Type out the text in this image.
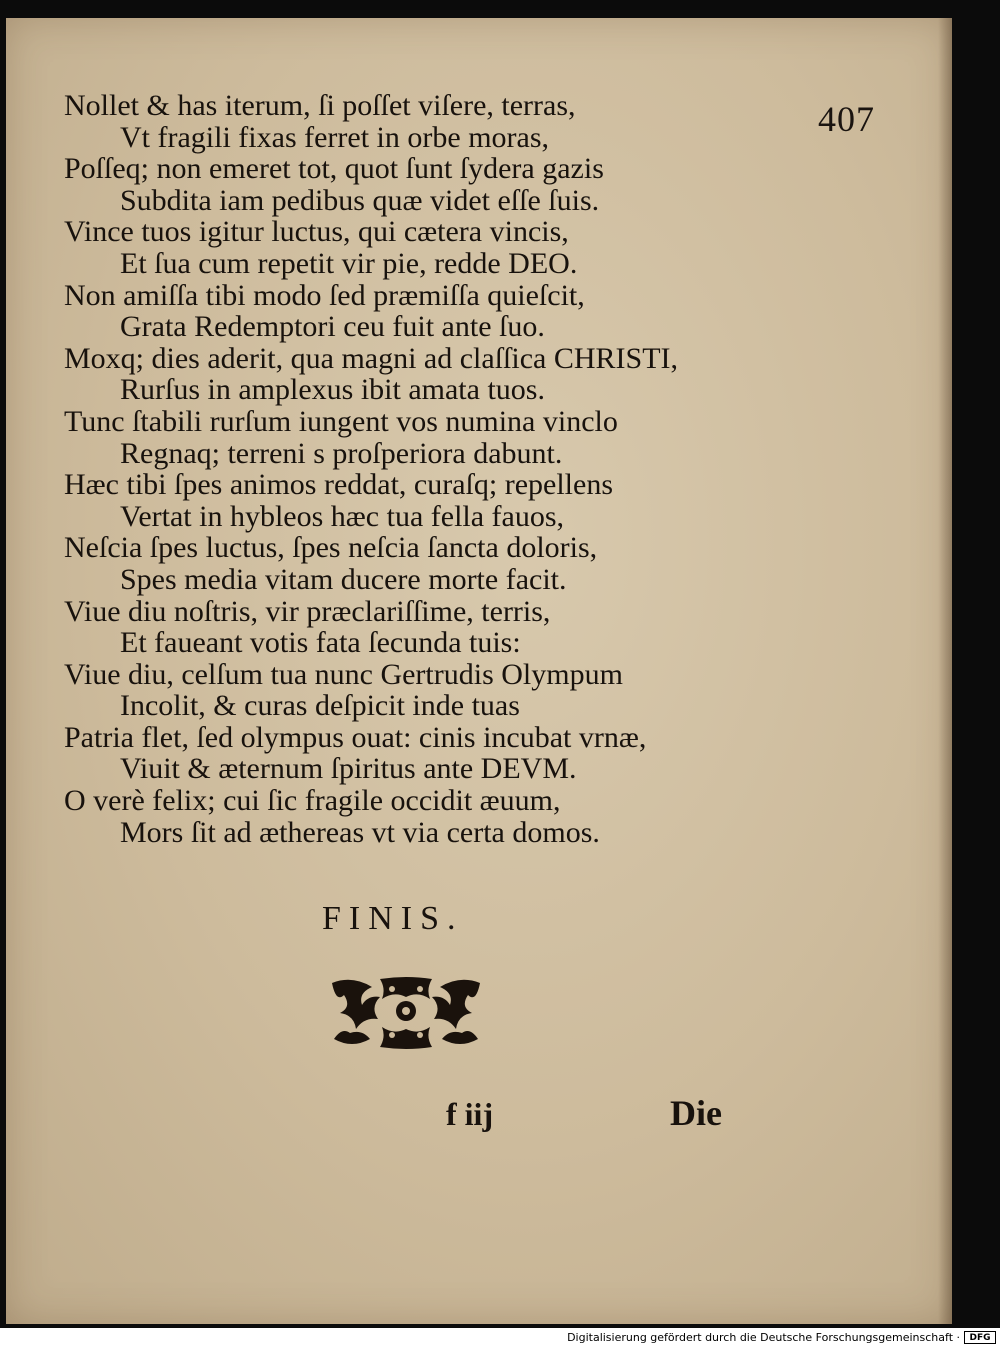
407
Nollet & has iterum, ſi poſſet viſere, terras,
Vt fragili fixas ferret in orbe moras,
Poſſeq; non emeret tot, quot ſunt ſydera gazis
Subdita iam pedibus quæ videt eſſe ſuis.
Vince tuos igitur luctus, qui cætera vincis,
Et ſua cum repetit vir pie, redde DEO.
Non amiſſa tibi modo ſed præmiſſa quieſcit,
Grata Redemptori ceu fuit ante ſuo.
Moxq; dies aderit, qua magni ad claſſica CHRISTI,
Rurſus in amplexus ibit amata tuos.
Tunc ſtabili rurſum iungent vos numina vinclo
Regnaq; terreni s proſperiora dabunt.
Hæc tibi ſpes animos reddat, curaſq; repellens
Vertat in hybleos hæc tua fella fauos,
Neſcia ſpes luctus, ſpes neſcia ſancta doloris,
Spes media vitam ducere morte facit.
Viue diu noſtris, vir præclariſſime, terris,
Et faueant votis fata ſecunda tuis:
Viue diu, celſum tua nunc Gertrudis Olympum
Incolit, & curas deſpicit inde tuas
Patria flet, ſed olympus ouat: cinis incubat vrnæ,
Viuit & æternum ſpiritus ante DEVM.
O verè felix; cui ſic fragile occidit æuum,
Mors ſit ad æthereas vt via certa domos.
FINIS.
f iij	Die
Digitalisierung gefördert durch die Deutsche Forschungsgemeinschaft ·	DFG
